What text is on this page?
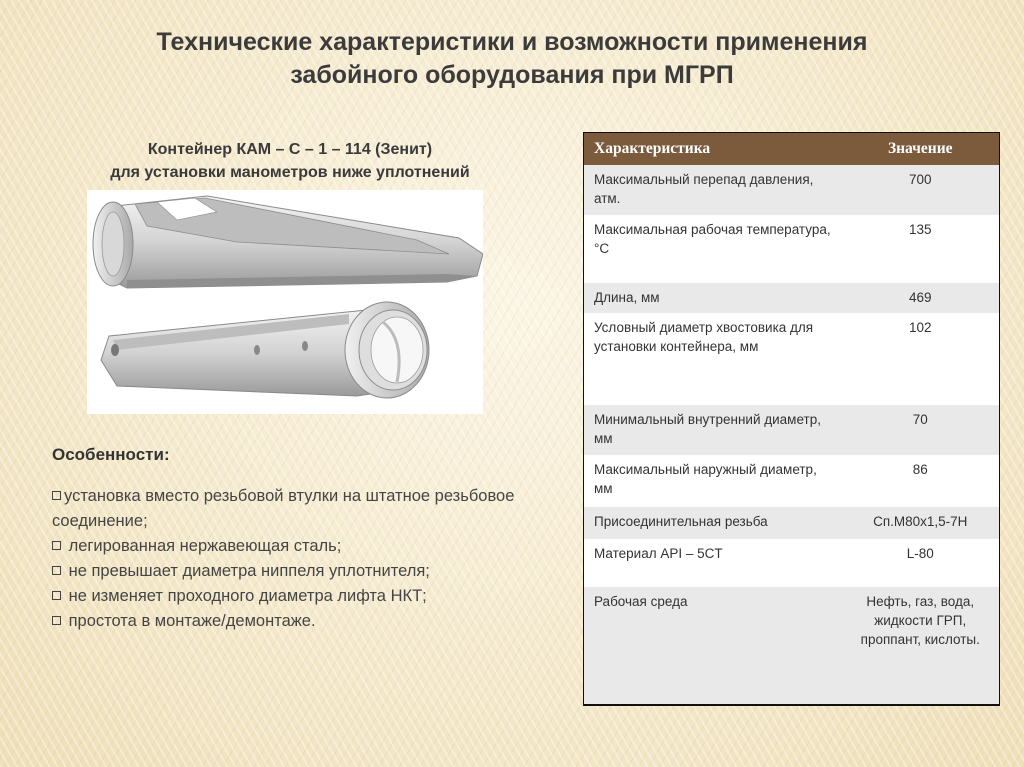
Технические характеристики и возможности применения
забойного оборудования при МГРП
Контейнер КАМ – С – 1 – 114 (Зенит)
для установки манометров ниже уплотнений
Особенности:
установка вместо резьбовой втулки на штатное резьбовое соединение;
легированная нержавеющая сталь;
не превышает диаметра ниппеля уплотнителя;
не изменяет проходного диаметра лифта НКТ;
простота в монтаже/демонтаже.
Характеристика	Значение
Максимальный перепад давления, атм.	700
Максимальная рабочая температура, °С	135
Длина, мм	469
Условный диаметр хвостовика для установки контейнера, мм	102
Минимальный внутренний диаметр, мм	70
Максимальный наружный диаметр, мм	86
Присоединительная резьба	Сп.М80х1,5-7Н
Материал API – 5CT	L-80
Рабочая среда	Нефть, газ, вода, жидкости ГРП, проппант, кислоты.
